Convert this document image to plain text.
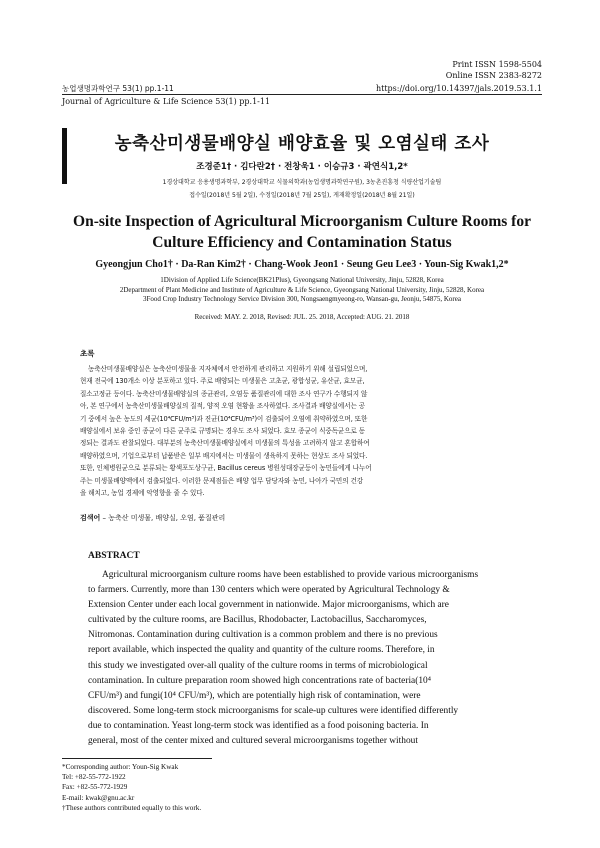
Print ISSN 1598-5504
Online ISSN 2383-8272
농업생명과학연구 53(1) pp.1-11	https://doi.org/10.14397/jals.2019.53.1.1
Journal of Agriculture & Life Science 53(1) pp.1-11
농축산미생물배양실 배양효율 및 오염실태 조사
조경준1† · 김다란2† · 전창욱1 · 이승규3 · 곽연식1,2*
1경상대학교 응용생명과학부, 2경상대학교 식물의학과(농업생명과학연구원), 3농촌진흥청 식량산업기술팀
접수일(2018년 5월 2일), 수정일(2018년 7월 25일), 게재확정일(2018년 8월 21일)
On-site Inspection of Agricultural Microorganism Culture Rooms for
Culture Efficiency and Contamination Status
Gyeongjun Cho1† · Da-Ran Kim2† · Chang-Wook Jeon1 · Seung Geu Lee3 · Youn-Sig Kwak1,2*
1Division of Applied Life Science(BK21Plus), Gyeongsang National University, Jinju, 52828, Korea
2Department of Plant Medicine and Institute of Agriculture & Life Science, Gyeongsang National University, Jinju, 52828, Korea
3Food Crop Industry Technology Service Division 300, Nongsaengmyeong-ro, Wansan-gu, Jeonju, 54875, Korea
Received: MAY. 2. 2018, Revised: JUL. 25. 2018, Accepted: AUG. 21. 2018
초록
농축산미생물배양실은 농축산미생물을 지자체에서 안전하게 관리하고 지원하기 위해 설립되었으며,
현재 전국에 130개소 이상 분포하고 있다. 주로 배양되는 미생물은 고초균, 광합성균, 유산균, 효모균,
질소고정균 등이다. 농축산미생물배양실의 종균관리, 오염등 품질관리에 대한 조사 연구가 수행되지 않
아, 본 연구에서 농축산미생물배양실의 질적, 양적 오염 현황을 조사하였다. 조사결과 배양실에서는 공
기 중에서 높은 농도의 세균(10⁴CFU/m³)과 진균(10⁴CFU/m³)이 검출되어 오염에 취약하였으며, 또한
배양실에서 보유 중인 종균이 다른 균주로 규명되는 경우도 조사 되었다. 효모 종균이 식중독균으로 동
정되는 결과도 관찰되었다. 대부분의 농축산미생물배양실에서 미생물의 특성을 고려하지 않고 혼합하여
배양하였으며, 기업으로부터 납품받은 일부 배지에서는 미생물이 생육하지 못하는 현상도 조사 되었다.
또한, 인체병원균으로 분류되는 황색포도상구균, Bacillus cereus 병원성대장균등이 농민들에게 나누어
주는 미생물배양액에서 검출되었다. 이러한 문제점들은 배양 업무 담당자와 농민, 나아가 국민의 건강
을 해치고, 농업 경제에 악영향을 줄 수 있다.
검색어 – 농축산 미생물, 배양실, 오염, 품질관리
ABSTRACT
Agricultural microorganism culture rooms have been established to provide various microorganisms
to farmers. Currently, more than 130 centers which were operated by Agricultural Technology &
Extension Center under each local government in nationwide. Major microorganisms, which are
cultivated by the culture rooms, are Bacillus, Rhodobacter, Lactobacillus, Saccharomyces,
Nitromonas. Contamination during cultivation is a common problem and there is no previous
report available, which inspected the quality and quantity of the culture rooms. Therefore, in
this study we investigated over-all quality of the culture rooms in terms of microbiological
contamination. In culture preparation room showed high concentrations rate of bacteria(10⁴
CFU/m³) and fungi(10⁴ CFU/m³), which are potentially high risk of contamination, were
discovered. Some long-term stock microorganisms for scale-up cultures were identified differently
due to contamination. Yeast long-term stock was identified as a food poisoning bacteria. In
general, most of the center mixed and cultured several microorganisms together without
*Corresponding author: Youn-Sig Kwak
Tel: +82-55-772-1922
Fax: +82-55-772-1929
E-mail: kwak@gnu.ac.kr
†These authors contributed equally to this work.
